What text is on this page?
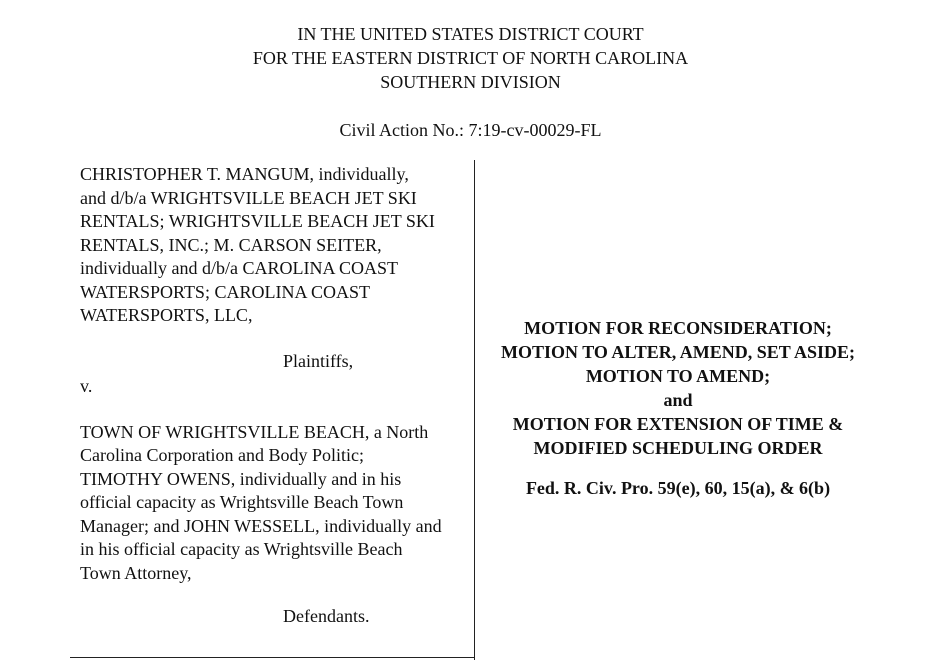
IN THE UNITED STATES DISTRICT COURT
FOR THE EASTERN DISTRICT OF NORTH CAROLINA
SOUTHERN DIVISION
Civil Action No.: 7:19-cv-00029-FL
CHRISTOPHER T. MANGUM, individually,
and d/b/a WRIGHTSVILLE BEACH JET SKI
RENTALS; WRIGHTSVILLE BEACH JET SKI
RENTALS, INC.; M. CARSON SEITER,
individually and d/b/a CAROLINA COAST
WATERSPORTS; CAROLINA COAST
WATERSPORTS, LLC,
Plaintiffs,
v.
TOWN OF WRIGHTSVILLE BEACH, a North
Carolina Corporation and Body Politic;
TIMOTHY OWENS, individually and in his
official capacity as Wrightsville Beach Town
Manager; and JOHN WESSELL, individually and
in his official capacity as Wrightsville Beach
Town Attorney,
Defendants.
MOTION FOR RECONSIDERATION;
MOTION TO ALTER, AMEND, SET ASIDE;
MOTION TO AMEND;
and
MOTION FOR EXTENSION OF TIME &
MODIFIED SCHEDULING ORDER
Fed. R. Civ. Pro. 59(e), 60, 15(a), & 6(b)
